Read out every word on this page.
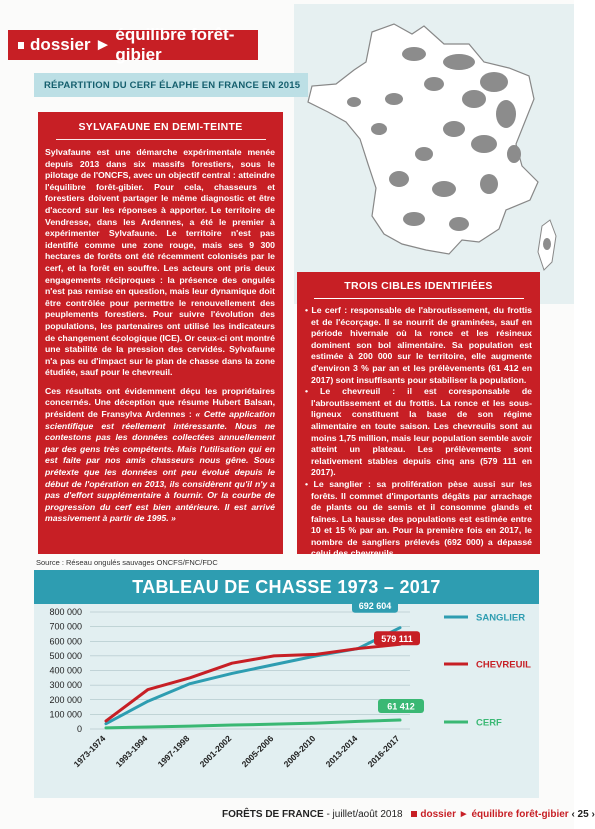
dossier ►
équilibre forêt-gibier
RÉPARTITION DU CERF ÉLAPHE EN FRANCE EN 2015
SYLVAFAUNE EN DEMI-TEINTE

Sylvafaune est une démarche expérimentale menée depuis 2013 dans six massifs forestiers, sous le pilotage de l'ONCFS, avec un objectif central : atteindre l'équilibre forêt-gibier. Pour cela, chasseurs et forestiers doivent partager le même diagnostic et être d'accord sur les réponses à apporter. Le territoire de Vendresse, dans les Ardennes, a été le premier à expérimenter Sylvafaune. Le territoire n'est pas identifié comme une zone rouge, mais ses 9 300 hectares de forêts ont été récemment colonisés par le cerf, et la forêt en souffre. Les acteurs ont pris deux engagements réciproques : la présence des ongulés n'est pas remise en question, mais leur dynamique doit être contrôlée pour permettre le renouvellement des peuplements forestiers. Pour suivre l'évolution des populations, les partenaires ont utilisé les indicateurs de changement écologique (ICE). Or ceux-ci ont montré une stabilité de la pression des cervidés. Sylvafaune n'a pas eu d'impact sur le plan de chasse dans la zone étudiée, sauf pour le chevreuil.

Ces résultats ont évidemment déçu les propriétaires concernés. Une déception que résume Hubert Balsan, président de Fransylva Ardennes : « Cette application scientifique est réellement intéressante. Nous ne contestons pas les données collectées annuellement par des gens très compétents. Mais l'utilisation qui en est faite par nos amis chasseurs nous gêne. Sous prétexte que les données ont peu évolué depuis le début de l'opération en 2013, ils considèrent qu'il n'y a pas d'effort supplémentaire à fournir. Or la courbe de progression du cerf est bien antérieure. Il est arrivé massivement à partir de 1995. »

TROIS CIBLES IDENTIFIÉES
• Le cerf : responsable de l'abroutissement, du frottis et de l'écorçage. Il se nourrit de graminées, sauf en période hivernale où la ronce et les résineux dominent son bol alimentaire. Sa population est estimée à 200 000 sur le territoire, elle augmente d'environ 3 % par an et les prélèvements (61 412 en 2017) sont insuffisants pour stabiliser la population.
• Le chevreuil : il est coresponsable de l'abroutissement et du frottis. La ronce et les sous-ligneux constituent la base de son régime alimentaire en toute saison. Les chevreuils sont au moins 1,75 million, mais leur population semble avoir atteint un plateau. Les prélèvements sont relativement stables depuis cinq ans (579 111 en 2017).
• Le sanglier : sa prolifération pèse aussi sur les forêts. Il commet d'importants dégâts par arrachage de plants ou de semis et il consomme glands et faînes. La hausse des populations est estimée entre 10 et 15 % par an. Pour la première fois en 2017, le nombre de sangliers prélevés (692 000) a dépassé celui des chevreuils.
Source : Réseau ongulés sauvages ONCFS/FNC/FDC
TABLEAU DE CHASSE 1973 – 2017
800 000
700 000
600 000
500 000
400 000
300 000
200 000
100 000
0
1973-1974 1993-1994 1997-1998 2001-2002 2005-2006 2009-2010 2013-2014 2016-2017
692 604
SANGLIER
579 111
CHEVREUIL
61 412
CERF
FORÊTS DE FRANCE - juillet/août 2018 dossier ► équilibre forêt-gibier ‹ 25 ›
